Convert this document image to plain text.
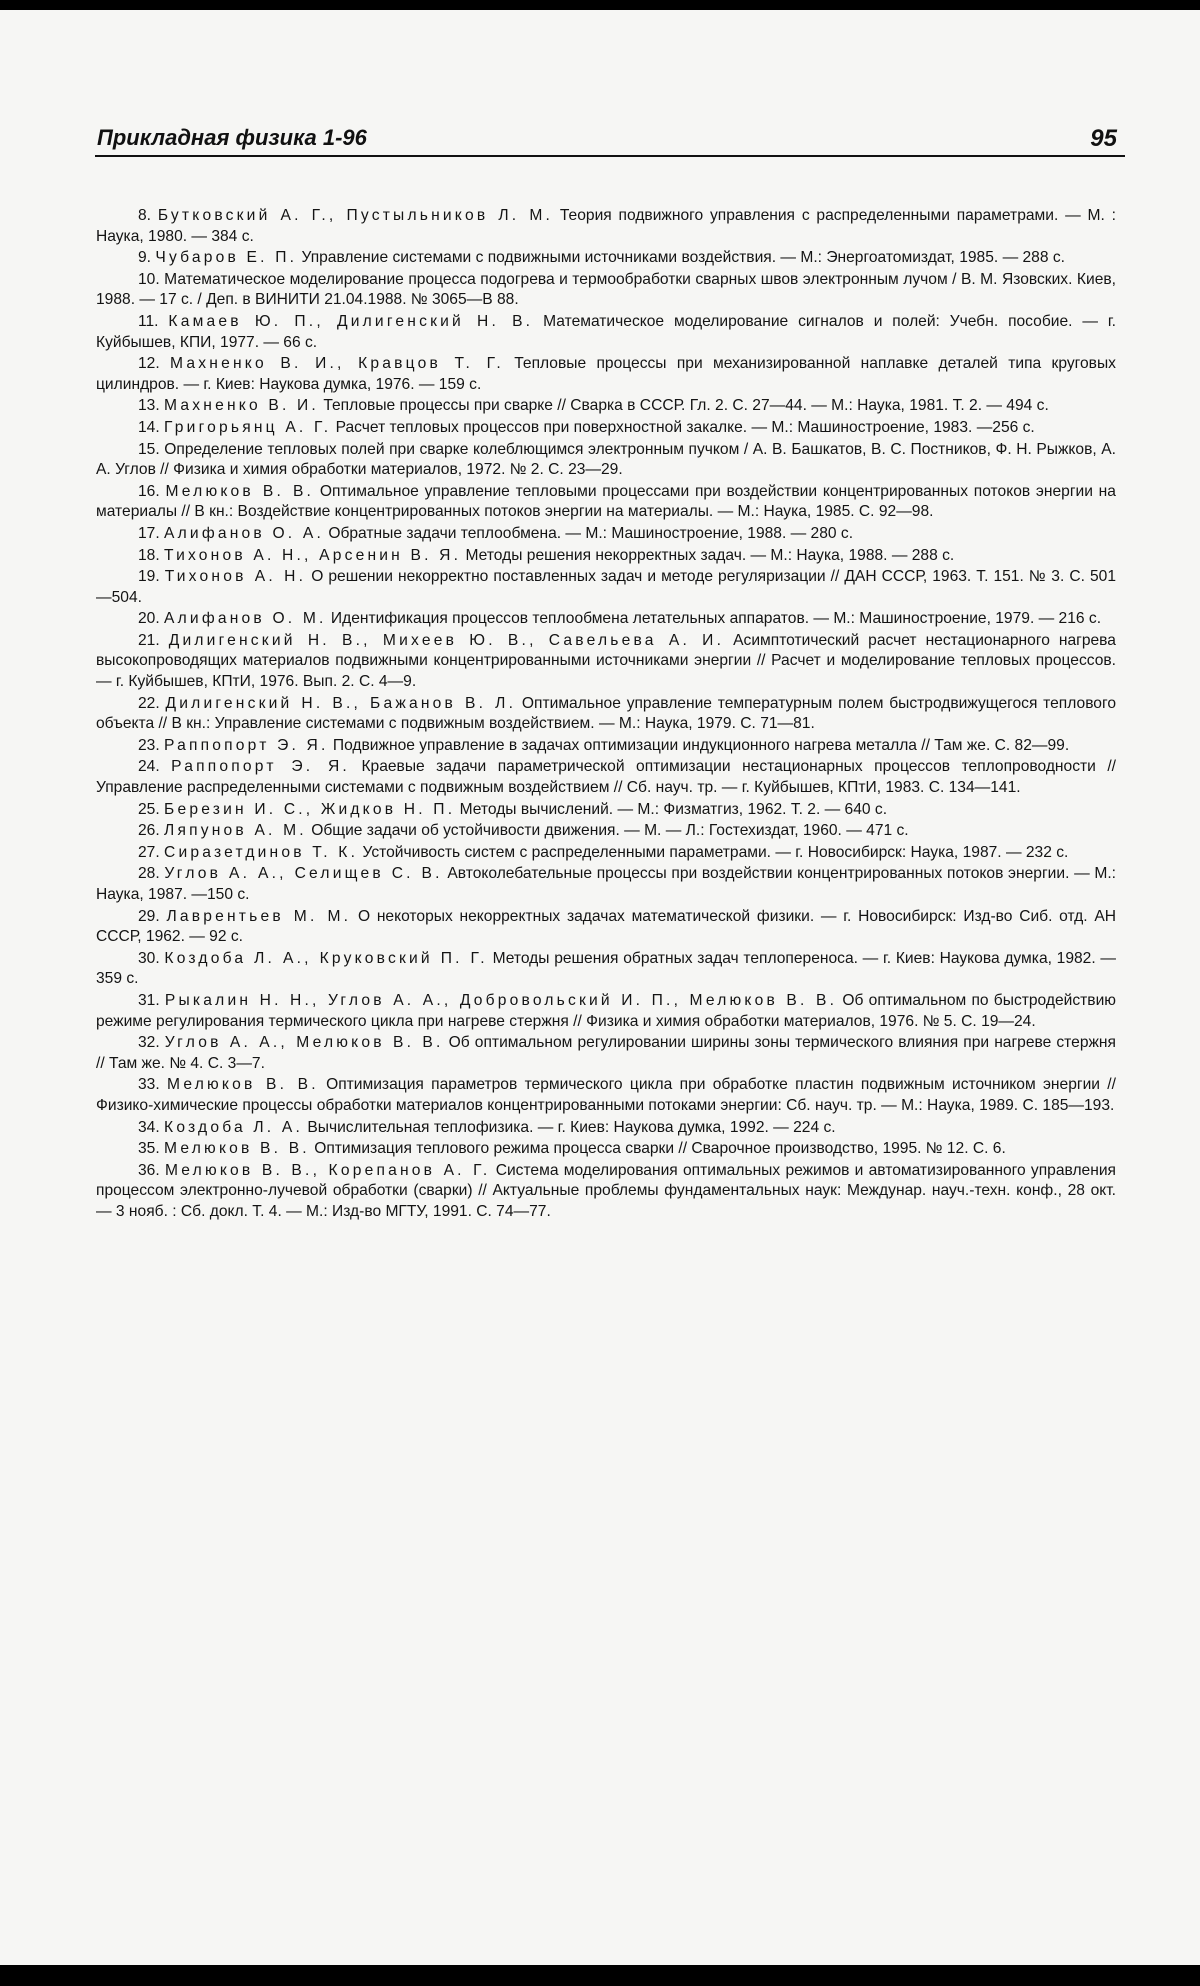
Прикладная физика 1-96	95

8. Бутковский А. Г., Пустыльников Л. М. Теория подвижного управления с распределенными параметрами. — М. : Наука, 1980. — 384 с.

9. Чубаров Е. П. Управление системами с подвижными источниками воздействия. — М.: Энергоатомиздат, 1985. — 288 с.

10. Математическое моделирование процесса подогрева и термообработки сварных швов электронным лучом / В. М. Язовских. Киев, 1988. — 17 с. / Деп. в ВИНИТИ 21.04.1988. № 3065—В 88.

11. Камаев Ю. П., Дилигенский Н. В. Математическое моделирование сигналов и полей: Учебн. пособие. — г. Куйбышев, КПИ, 1977. — 66 с.

12. Махненко В. И., Кравцов Т. Г. Тепловые процессы при механизированной наплавке деталей типа круговых цилиндров. — г. Киев: Наукова думка, 1976. — 159 с.

13. Махненко В. И. Тепловые процессы при сварке // Сварка в СССР. Гл. 2. С. 27—44. — М.: Наука, 1981. Т. 2. — 494 с.

14. Григорьянц А. Г. Расчет тепловых процессов при поверхностной закалке. — М.: Машиностроение, 1983. —256 с.

15. Определение тепловых полей при сварке колеблющимся электронным пучком / А. В. Башкатов, В. С. Постников, Ф. Н. Рыжков, А. А. Углов // Физика и химия обработки материалов, 1972. № 2. С. 23—29.

16. Мелюков В. В. Оптимальное управление тепловыми процессами при воздействии концентрированных потоков энергии на материалы // В кн.: Воздействие концентрированных потоков энергии на материалы. — М.: Наука, 1985. С. 92—98.

17. Алифанов О. А. Обратные задачи теплообмена. — М.: Машиностроение, 1988. — 280 с.

18. Тихонов А. Н., Арсенин В. Я. Методы решения некорректных задач. — М.: Наука, 1988. — 288 с.

19. Тихонов А. Н. О решении некорректно поставленных задач и методе регуляризации // ДАН СССР, 1963. Т. 151. № 3. С. 501—504.

20. Алифанов О. М. Идентификация процессов теплообмена летательных аппаратов. — М.: Машиностроение, 1979. — 216 с.

21. Дилигенский Н. В., Михеев Ю. В., Савельева А. И. Асимптотический расчет нестационарного нагрева высокопроводящих материалов подвижными концентрированными источниками энергии // Расчет и моделирование тепловых процессов. — г. Куйбышев, КПтИ, 1976. Вып. 2. С. 4—9.

22. Дилигенский Н. В., Бажанов В. Л. Оптимальное управление температурным полем быстродвижущегося теплового объекта // В кн.: Управление системами с подвижным воздействием. — М.: Наука, 1979. С. 71—81.

23. Раппопорт Э. Я. Подвижное управление в задачах оптимизации индукционного нагрева металла // Там же. С. 82—99.

24. Раппопорт Э. Я. Краевые задачи параметрической оптимизации нестационарных процессов теплопроводности // Управление распределенными системами с подвижным воздействием // Сб. науч. тр. — г. Куйбышев, КПтИ, 1983. С. 134—141.

25. Березин И. С., Жидков Н. П. Методы вычислений. — М.: Физматгиз, 1962. Т. 2. — 640 с.

26. Ляпунов А. М. Общие задачи об устойчивости движения. — М. — Л.: Гостехиздат, 1960. — 471 с.

27. Сиразетдинов Т. К. Устойчивость систем с распределенными параметрами. — г. Новосибирск: Наука, 1987. — 232 с.

28. Углов А. А., Селищев С. В. Автоколебательные процессы при воздействии концентрированных потоков энергии. — М.: Наука, 1987. —150 с.

29. Лаврентьев М. М. О некоторых некорректных задачах математической физики. — г. Новосибирск: Изд-во Сиб. отд. АН СССР, 1962. — 92 с.

30. Коздоба Л. А., Круковский П. Г. Методы решения обратных задач теплопереноса. — г. Киев: Наукова думка, 1982. — 359 с.

31. Рыкалин Н. Н., Углов А. А., Добровольский И. П., Мелюков В. В. Об оптимальном по быстродействию режиме регулирования термического цикла при нагреве стержня // Физика и химия обработки материалов, 1976. № 5. С. 19—24.

32. Углов А. А., Мелюков В. В. Об оптимальном регулировании ширины зоны термического влияния при нагреве стержня // Там же. № 4. С. 3—7.

33. Мелюков В. В. Оптимизация параметров термического цикла при обработке пластин подвижным источником энергии // Физико-химические процессы обработки материалов концентрированными потоками энергии: Сб. науч. тр. — М.: Наука, 1989. С. 185—193.

34. Коздоба Л. А. Вычислительная теплофизика. — г. Киев: Наукова думка, 1992. — 224 с.

35. Мелюков В. В. Оптимизация теплового режима процесса сварки // Сварочное производство, 1995. № 12. С. 6.

36. Мелюков В. В., Корепанов А. Г. Система моделирования оптимальных режимов и автоматизированного управления процессом электронно-лучевой обработки (сварки) // Актуальные проблемы фундаментальных наук: Междунар. науч.-техн. конф., 28 окт. — 3 нояб. : Сб. докл. Т. 4. — М.: Изд-во МГТУ, 1991. С. 74—77.
